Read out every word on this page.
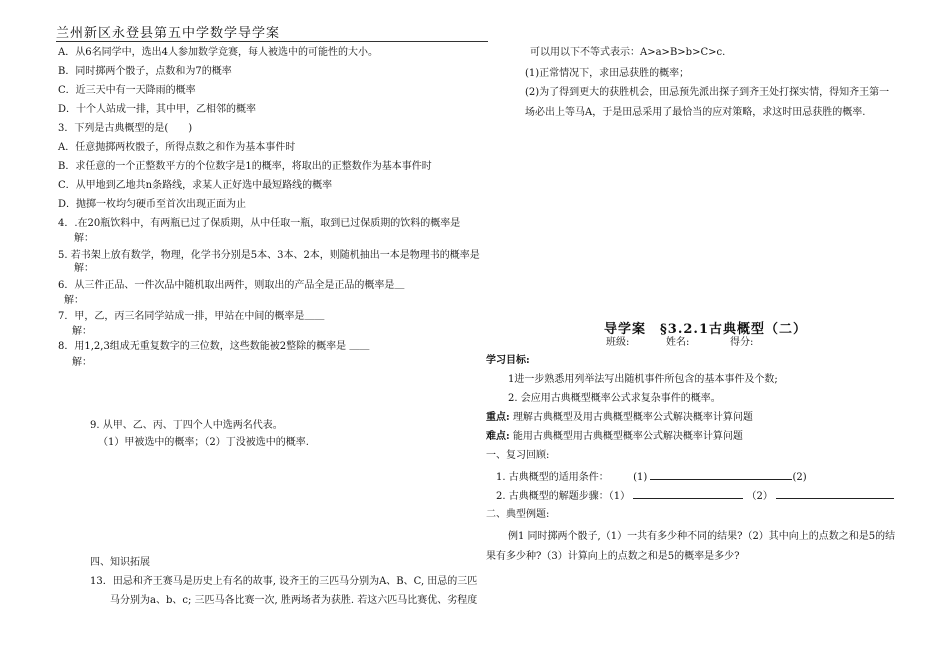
兰州新区永登县第五中学数学导学案
A．从6名同学中，选出4人参加数学竞赛，每人被选中的可能性的大小。
B．同时掷两个骰子，点数和为7的概率
C．近三天中有一天降雨的概率
D．十个人站成一排，其中甲，乙相邻的概率
3．下列是古典概型的是(　　)
A．任意抛掷两枚骰子，所得点数之和作为基本事件时
B．求任意的一个正整数平方的个位数字是1的概率，将取出的正整数作为基本事件时
C．从甲地到乙地共n条路线，求某人正好选中最短路线的概率
D．抛掷一枚均匀硬币至首次出现正面为止
4．.在20瓶饮料中，有两瓶已过了保质期，从中任取一瓶，取到已过保质期的饮料的概率是
解：
5. 若书架上放有数学，物理，化学书分别是5本、3本、2本，则随机抽出一本是物理书的概率是
解：
6．从三件正品、一件次品中随机取出两件，则取出的产品全是正品的概率是＿
解：
7．甲，乙，丙三名同学站成一排，甲站在中间的概率是＿＿
解：
8．用1,2,3组成无重复数字的三位数，这些数能被2整除的概率是 ＿＿
解：
9. 从甲、乙、丙、丁四个人中选两名代表。
（1）甲被选中的概率；（2）丁没被选中的概率.
四、知识拓展
13．田忌和齐王赛马是历史上有名的故事, 设齐王的三匹马分别为A、B、C, 田忌的三匹
马分别为a、b、c; 三匹马各比赛一次, 胜两场者为获胜. 若这六匹马比赛优、劣程度
可以用以下不等式表示：A>a>B>b>C>c.
(1)正常情况下，求田忌获胜的概率；
(2)为了得到更大的获胜机会，田忌预先派出探子到齐王处打探实情，得知齐王第一
场必出上等马A，于是田忌采用了最恰当的应对策略，求这时田忌获胜的概率.
导学案　§3.2.1古典概型（二）
班级:	姓名:	得分:
学习目标:
1进一步熟悉用列举法写出随机事件所包含的基本事件及个数;
2. 会应用古典概型概率公式求复杂事件的概率。
重点: 理解古典概型及用古典概型概率公式解决概率计算问题
难点: 能用古典概型用古典概型概率公式解决概率计算问题
一、复习回顾:
1. 古典概型的适用条件： (1)	(2)
2. 古典概型的解题步骤：（1）	（2）
二、典型例题:
例1 同时掷两个骰子,（1）一共有多少种不同的结果?（2）其中向上的点数之和是5的结
果有多少种?（3）计算向上的点数之和是5的概率是多少?
